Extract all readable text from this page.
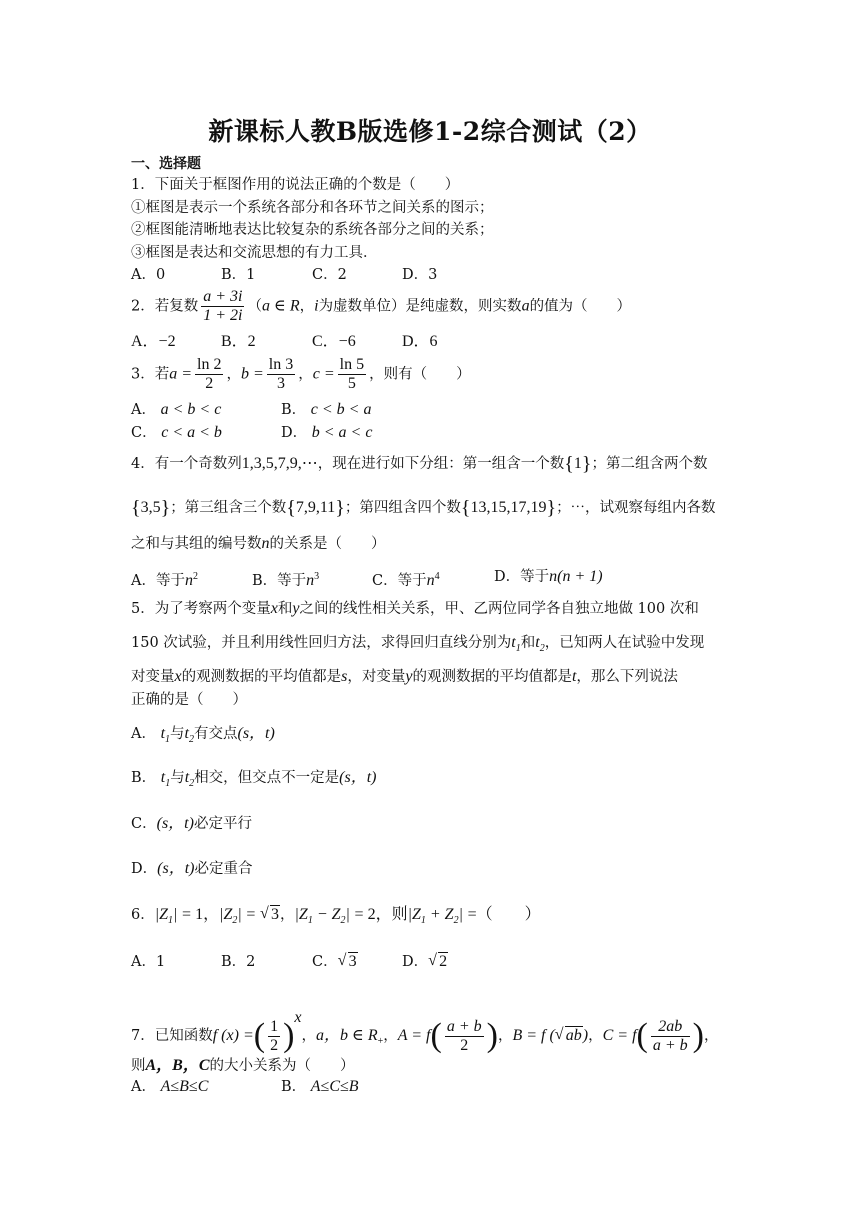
新课标人教B版选修1-2综合测试（2）
一、选择题
1．下面关于框图作用的说法正确的个数是（　　）
①框图是表示一个系统各部分和各环节之间关系的图示；
②框图能清晰地表达比较复杂的系统各部分之间的关系；
③框图是表达和交流思想的有力工具．
A．0	B．1	C．2	D．3
2．若复数 $\frac{a + 3i}{1 + 2i} (a$ ∈ R，i为虚数单位）是纯虚数，则实数a的值为（　　）
A．−2	B．2	C．−6	D．6
3．若$a = \frac{\ln 2}{2}$ ，$b = \frac{\ln 3}{3}$ ，$c = \frac{\ln 5}{5}$ ，则有（　　）
A． a < b < c	B． c < b < a
C． c < a < b	D． b < a < c
4．有一个奇数列1,3,5,7,9,⋯，现在进行如下分组：第一组含一个数{1}；第二组含两个数
{3,5}；第三组含三个数{7,9,11}；第四组含四个数{13,15,17,19}；⋯，试观察每组内各数
之和与其组的编号数n的关系是（　　）
A．等于$n^2$	B．等于$n^3$	C．等于$n^4$	D．等于n(n + 1)
5．为了考察两个变量x和y之间的线性相关关系，甲、乙两位同学各自独立地做 100 次和
150 次试验，并且利用线性回归方法，求得回归直线分别为$t_1$和$t_2$，已知两人在试验中发现
对变量x的观测数据的平均值都是s，对变量y的观测数据的平均值都是t，那么下列说法
正确的是（　　）
A． $t_1$与$t_2$有交点(s，t)
B． $t_1$与$t_2$相交，但交点不一定是(s，t)
C．(s，t)必定平行
D．(s，t)必定重合
6．$|Z_1| = 1$，$|Z_2|$ = √ 3，$|Z_1 - Z_2| = 2$，则$|Z_1 + Z_2|$ =（　　）
A．1	B．2	C． √ 3	D． √ 2
7．已知函数f (x) =( $\frac{1}{2} )^x$，a，b ∈ $R_+$，$A = f( \frac{a + b}{2}$ )，B = f ( √ ab)，$C = f( \frac{2ab}{a + b}$ )，
则A，B，C的大小关系为（　　）
A． A≤B≤C	B． A≤C≤B
